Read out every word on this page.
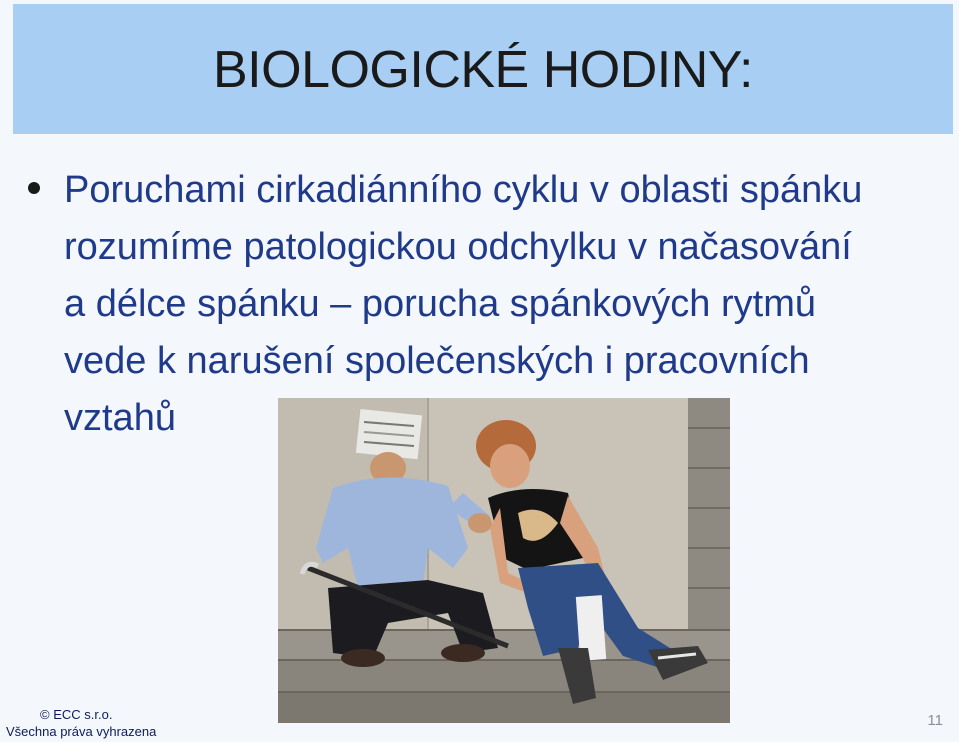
BIOLOGICKÉ HODINY:

Poruchami cirkadiánního cyklu v oblasti spánku
rozumíme patologickou odchylku v načasování
a délce spánku – porucha spánkových rytmů
vede k narušení společenských i pracovních
vztahů

© ECC s.r.o.
Všechna práva vyhrazena
11
